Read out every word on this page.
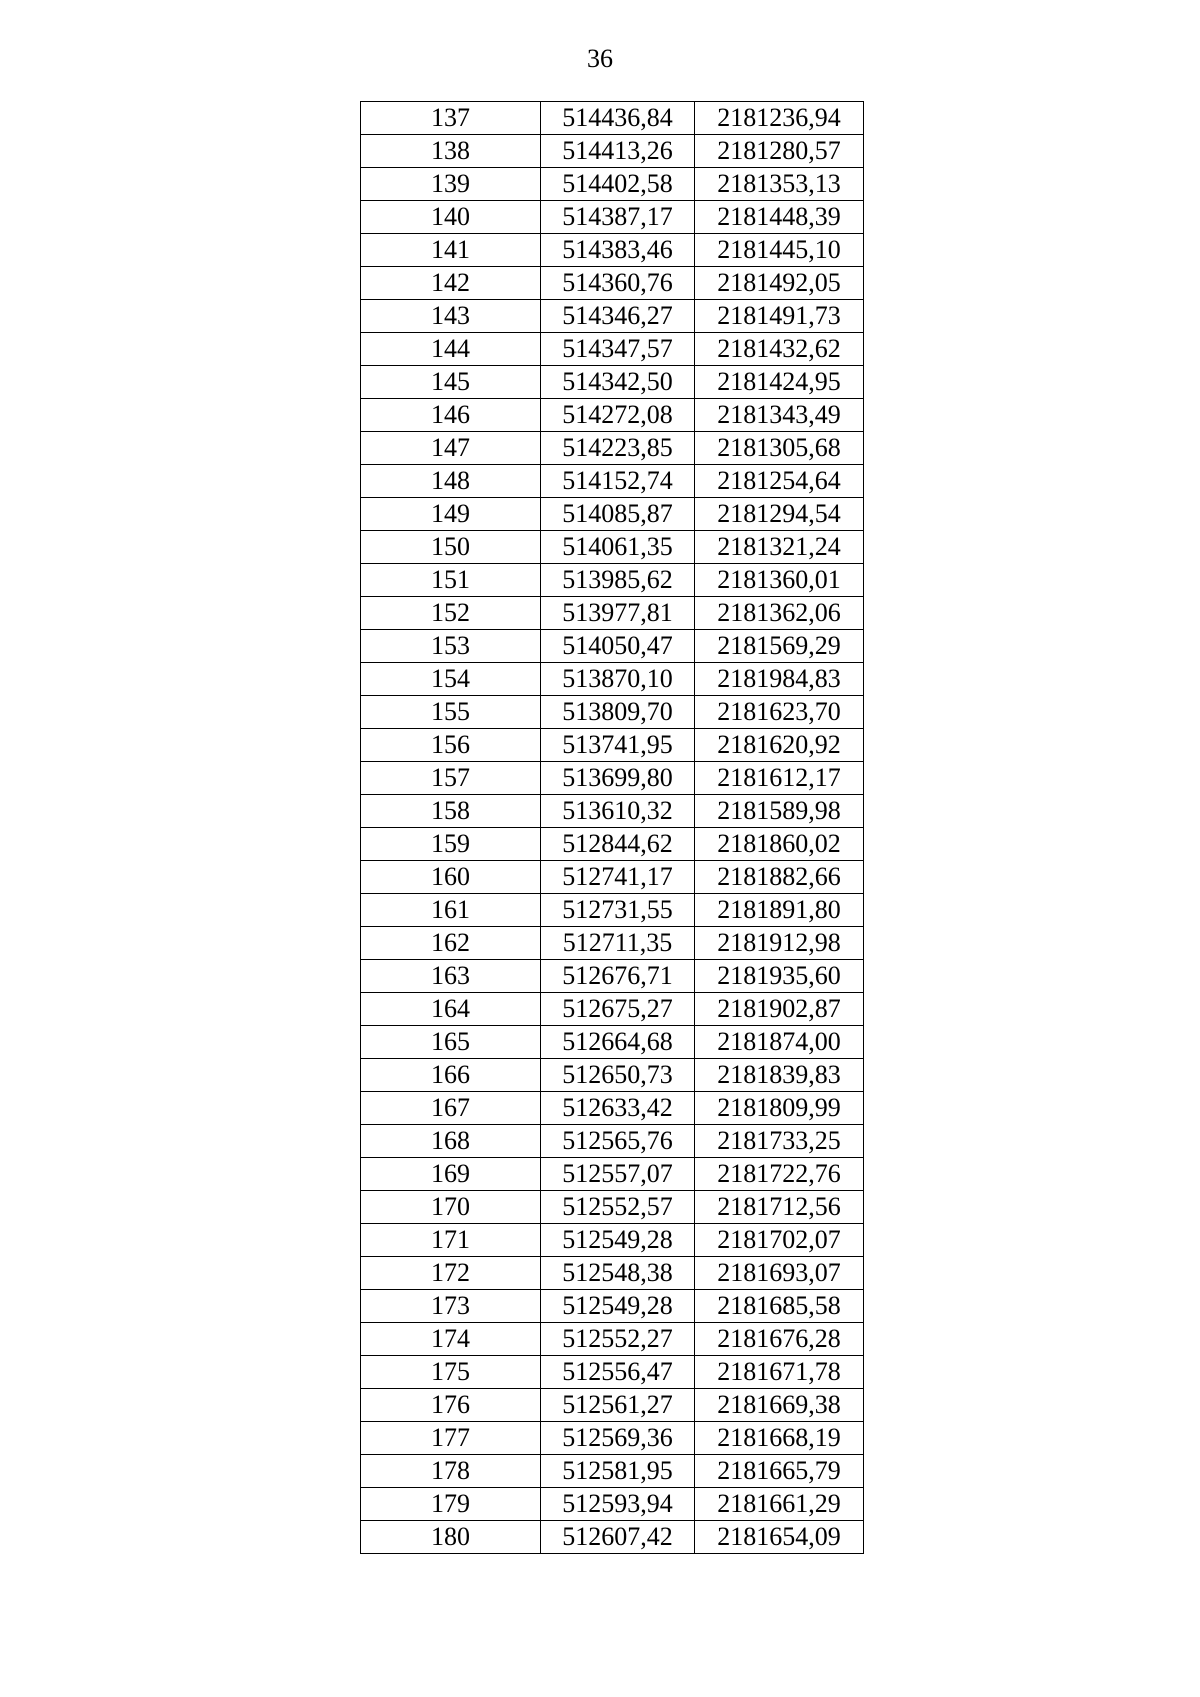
36
137	514436,84	2181236,94
138	514413,26	2181280,57
139	514402,58	2181353,13
140	514387,17	2181448,39
141	514383,46	2181445,10
142	514360,76	2181492,05
143	514346,27	2181491,73
144	514347,57	2181432,62
145	514342,50	2181424,95
146	514272,08	2181343,49
147	514223,85	2181305,68
148	514152,74	2181254,64
149	514085,87	2181294,54
150	514061,35	2181321,24
151	513985,62	2181360,01
152	513977,81	2181362,06
153	514050,47	2181569,29
154	513870,10	2181984,83
155	513809,70	2181623,70
156	513741,95	2181620,92
157	513699,80	2181612,17
158	513610,32	2181589,98
159	512844,62	2181860,02
160	512741,17	2181882,66
161	512731,55	2181891,80
162	512711,35	2181912,98
163	512676,71	2181935,60
164	512675,27	2181902,87
165	512664,68	2181874,00
166	512650,73	2181839,83
167	512633,42	2181809,99
168	512565,76	2181733,25
169	512557,07	2181722,76
170	512552,57	2181712,56
171	512549,28	2181702,07
172	512548,38	2181693,07
173	512549,28	2181685,58
174	512552,27	2181676,28
175	512556,47	2181671,78
176	512561,27	2181669,38
177	512569,36	2181668,19
178	512581,95	2181665,79
179	512593,94	2181661,29
180	512607,42	2181654,09
